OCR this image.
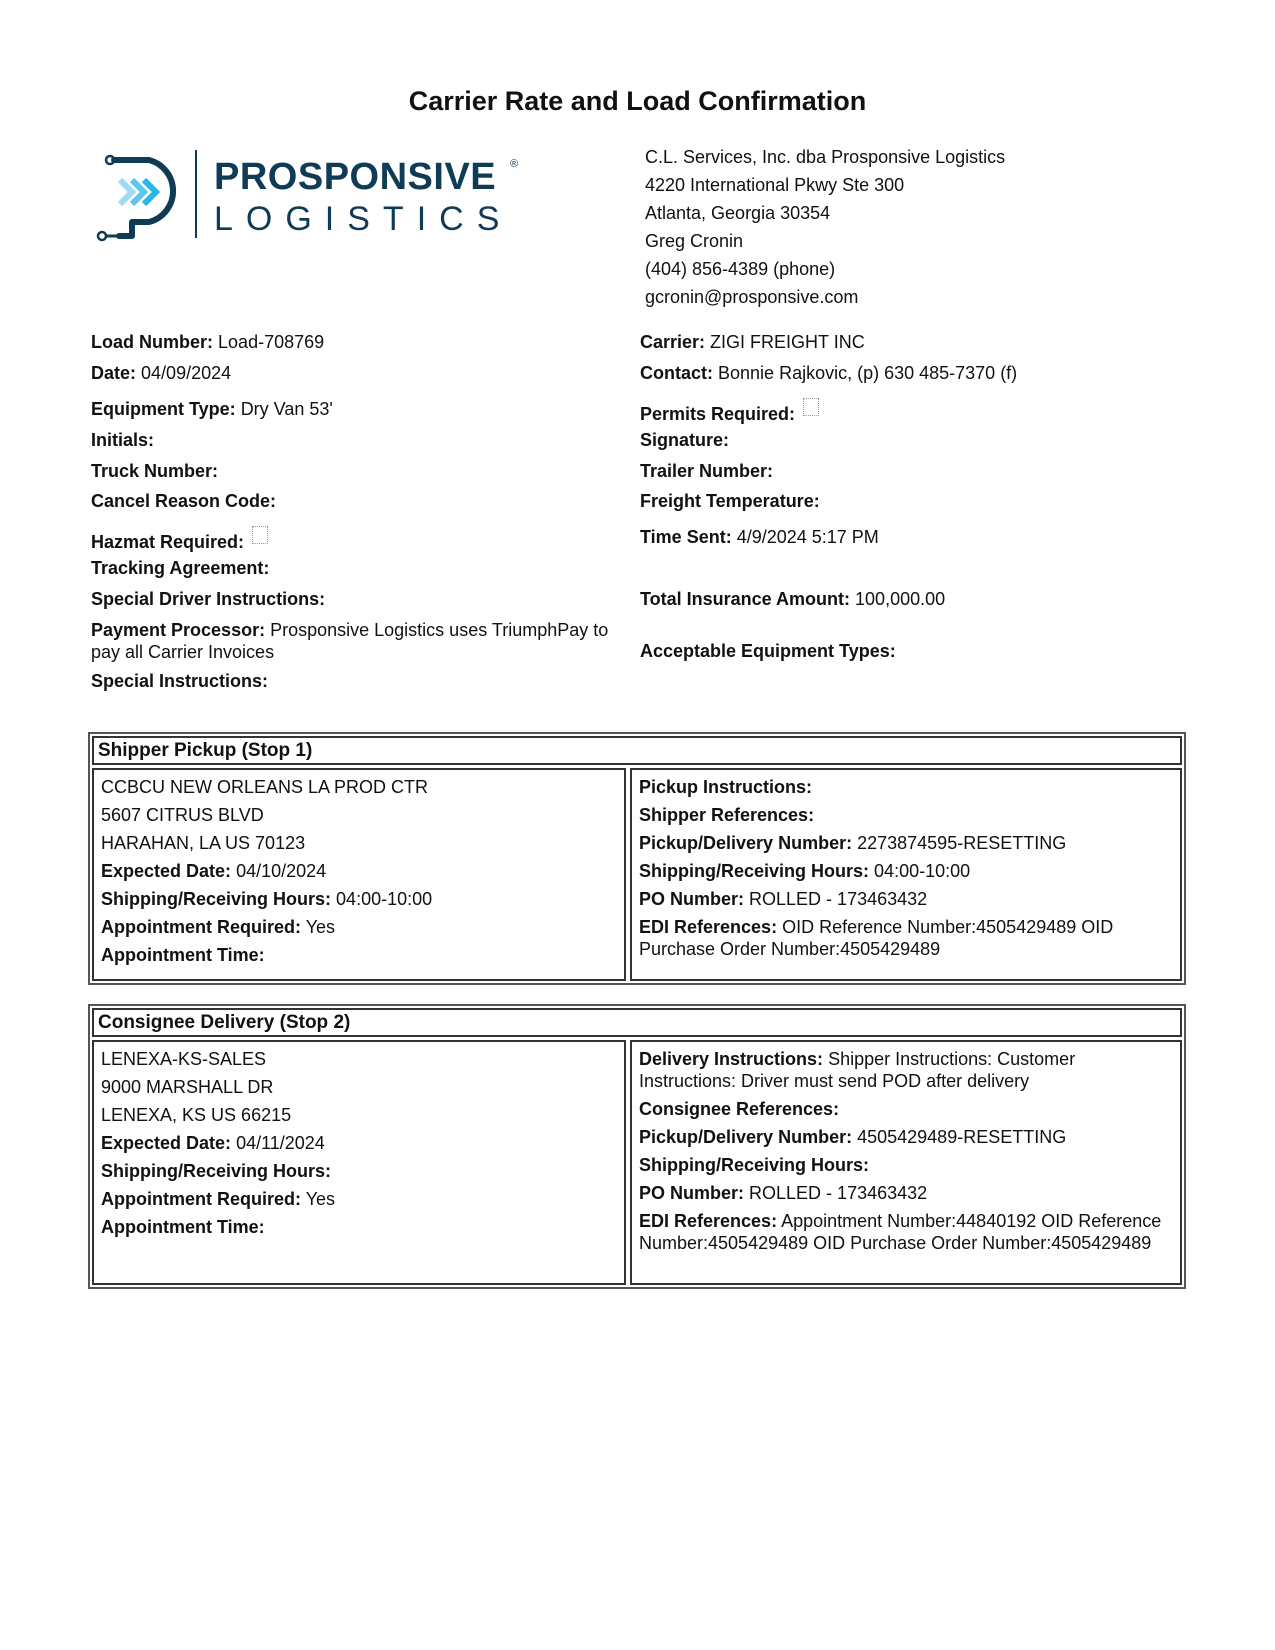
Carrier Rate and Load Confirmation
PROSPONSIVE ®
LOGISTICS
C.L. Services, Inc. dba Prosponsive Logistics
4220 International Pkwy Ste 300
Atlanta, Georgia 30354
Greg Cronin
(404) 856-4389 (phone)
gcronin@prosponsive.com
Load Number: Load-708769
Date: 04/09/2024
Equipment Type: Dry Van 53'
Initials:
Truck Number:
Cancel Reason Code:
Hazmat Required:
Tracking Agreement:
Special Driver Instructions:
Payment Processor: Prosponsive Logistics uses TriumphPay to pay all Carrier Invoices
Special Instructions:
Carrier: ZIGI FREIGHT INC
Contact: Bonnie Rajkovic, (p) 630 485-7370 (f)
Permits Required:
Signature:
Trailer Number:
Freight Temperature:
Time Sent: 4/9/2024 5:17 PM
Total Insurance Amount: 100,000.00
Acceptable Equipment Types:
Shipper Pickup (Stop 1)
CCBCU NEW ORLEANS LA PROD CTR
5607 CITRUS BLVD
HARAHAN, LA US 70123
Expected Date: 04/10/2024
Shipping/Receiving Hours: 04:00-10:00
Appointment Required: Yes
Appointment Time:
Pickup Instructions:
Shipper References:
Pickup/Delivery Number: 2273874595-RESETTING
Shipping/Receiving Hours: 04:00-10:00
PO Number: ROLLED - 173463432
EDI References: OID Reference Number:4505429489 OID Purchase Order Number:4505429489
Consignee Delivery (Stop 2)
LENEXA-KS-SALES
9000 MARSHALL DR
LENEXA, KS US 66215
Expected Date: 04/11/2024
Shipping/Receiving Hours:
Appointment Required: Yes
Appointment Time:
Delivery Instructions: Shipper Instructions: Customer Instructions: Driver must send POD after delivery
Consignee References:
Pickup/Delivery Number: 4505429489-RESETTING
Shipping/Receiving Hours:
PO Number: ROLLED - 173463432
EDI References: Appointment Number:44840192 OID Reference Number:4505429489 OID Purchase Order Number:4505429489
